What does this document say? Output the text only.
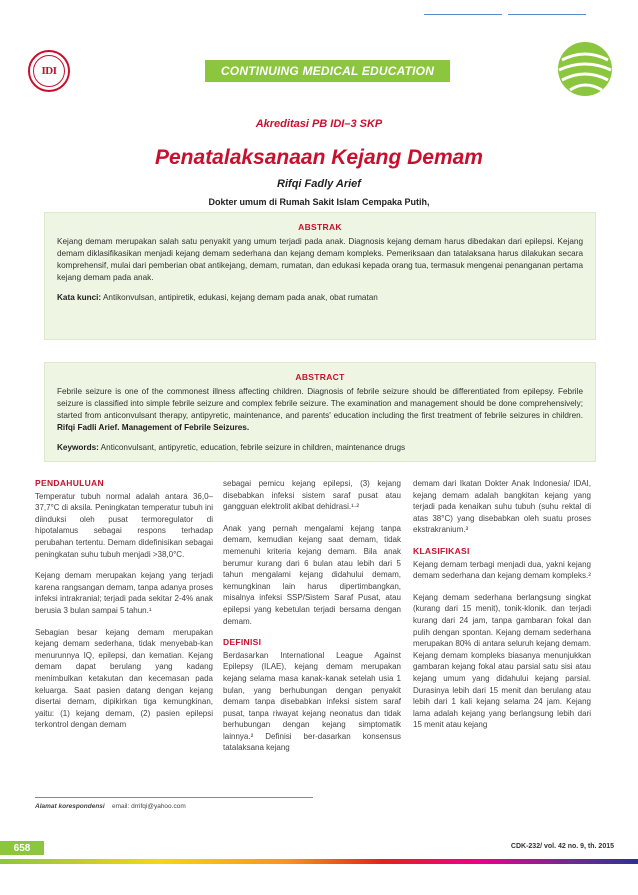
IDI	CONTINUING MEDICAL EDUCATION
Akreditasi PB IDI–3 SKP
Penatalaksanaan Kejang Demam
Rifqi Fadly Arief
Dokter umum di Rumah Sakit Islam Cempaka Putih,
ABSTRAK

Kejang demam merupakan salah satu penyakit yang umum terjadi pada anak. Diagnosis kejang demam harus dibedakan dari epilepsi. Kejang demam diklasifikasikan menjadi kejang demam sederhana dan kejang demam kompleks. Pemeriksaan dan tatalaksana harus dilakukan secara komprehensif, mulai dari pemberian obat antikejang, demam, rumatan, dan edukasi kepada orang tua, termasuk mengenai penanganan pertama kejang demam pada anak.

Kata kunci: Antikonvulsan, antipiretik, edukasi, kejang demam pada anak, obat rumatan

ABSTRACT

Febrile seizure is one of the commonest illness affecting children. Diagnosis of febrile seizure should be differentiated from epilepsy. Febrile seizure is classified into simple febrile seizure and complex febrile seizure. The examination and management should be done comprehensively; started from anticonvulsant therapy, antipyretic, maintenance, and parents' education including the first treatment of febrile seizures in children. Rifqi Fadli Arief. Management of Febrile Seizures.

Keywords: Anticonvulsant, antipyretic, education, febrile seizure in children, maintenance drugs

PENDAHULUAN

Temperatur tubuh normal adalah antara 36,0–37,7°C di aksila. Peningkatan temperatur tubuh ini diinduksi oleh pusat termoregulator di hipotalamus sebagai respons terhadap perubahan tertentu. Demam didefinisikan sebagai peningkatan suhu tubuh menjadi >38,0°C.

Kejang demam merupakan kejang yang terjadi karena rangsangan demam, tanpa adanya proses infeksi intrakranial; terjadi pada sekitar 2-4% anak berusia 3 bulan sampai 5 tahun.¹

Sebagian besar kejang demam merupakan kejang demam sederhana, tidak menyebab-kan menurunnya IQ, epilepsi, dan kematian. Kejang demam dapat berulang yang kadang menimbulkan ketakutan dan kecemasan pada keluarga. Saat pasien datang dengan kejang disertai demam, dipikirkan tiga kemungkinan, yaitu: (1) kejang demam, (2) pasien epilepsi terkontrol dengan demam

sebagai pemicu kejang epilepsi, (3) kejang disebabkan infeksi sistem saraf pusat atau gangguan elektrolit akibat dehidrasi.¹·²

Anak yang pernah mengalami kejang tanpa demam, kemudian kejang saat demam, tidak memenuhi kriteria kejang demam. Bila anak berumur kurang dari 6 bulan atau lebih dari 5 tahun mengalami kejang didahului demam, kemungkinan lain harus dipertimbangkan, misalnya infeksi SSP/Sistem Saraf Pusat, atau epilepsi yang kebetulan terjadi bersama dengan demam.

DEFINISI

Berdasarkan International League Against Epilepsy (ILAE), kejang demam merupakan kejang selama masa kanak-kanak setelah usia 1 bulan, yang berhubungan dengan penyakit demam tanpa disebabkan infeksi sistem saraf pusat, tanpa riwayat kejang neonatus dan tidak berhubungan dengan kejang simptomatik lainnya.² Definisi ber-dasarkan konsensus tatalaksana kejang

demam dari Ikatan Dokter Anak Indonesia/ IDAI, kejang demam adalah bangkitan kejang yang terjadi pada kenaikan suhu tubuh (suhu rektal di atas 38°C) yang disebabkan oleh suatu proses ekstrakranium.³

KLASIFIKASI

Kejang demam terbagi menjadi dua, yakni kejang demam sederhana dan kejang demam kompleks.²

Kejang demam sederhana berlangsung singkat (kurang dari 15 menit), tonik-klonik. dan terjadi kurang dari 24 jam, tanpa gambaran fokal dan pulih dengan spontan. Kejang demam sederhana merupakan 80% di antara seluruh kejang demam. Kejang demam kompleks biasanya menunjukkan gambaran kejang fokal atau parsial satu sisi atau kejang umum yang didahului kejang parsial. Durasinya lebih dari 15 menit dan berulang atau lebih dari 1 kali kejang selama 24 jam. Kejang lama adalah kejang yang berlangsung lebih dari 15 menit atau kejang

Alamat korespondensi email: drrifqi@yahoo.com
658	CDK-232/ vol. 42 no. 9, th. 2015
